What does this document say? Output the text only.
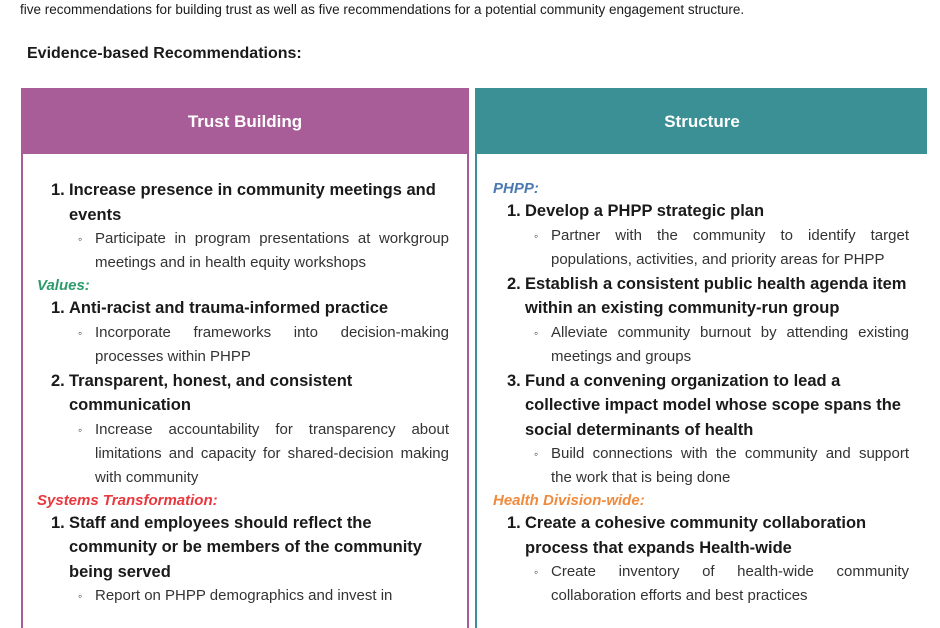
five recommendations for building trust as well as five recommendations for a potential community engagement structure.
Evidence-based Recommendations:
Trust Building
1. Increase presence in community meetings and events
◦ Participate in program presentations at workgroup meetings and in health equity workshops
Values:
1. Anti-racist and trauma-informed practice
◦ Incorporate frameworks into decision-making processes within PHPP
2. Transparent, honest, and consistent communication
◦ Increase accountability for transparency about limitations and capacity for shared-decision making with community
Systems Transformation:
1. Staff and employees should reflect the community or be members of the community being served
◦ Report on PHPP demographics and invest in
Structure
PHPP:
1. Develop a PHPP strategic plan
◦ Partner with the community to identify target populations, activities, and priority areas for PHPP
2. Establish a consistent public health agenda item within an existing community-run group
◦ Alleviate community burnout by attending existing meetings and groups
3. Fund a convening organization to lead a collective impact model whose scope spans the social determinants of health
◦ Build connections with the community and support the work that is being done
Health Division-wide:
1. Create a cohesive community collaboration process that expands Health-wide
◦ Create inventory of health-wide community collaboration efforts and best practices
